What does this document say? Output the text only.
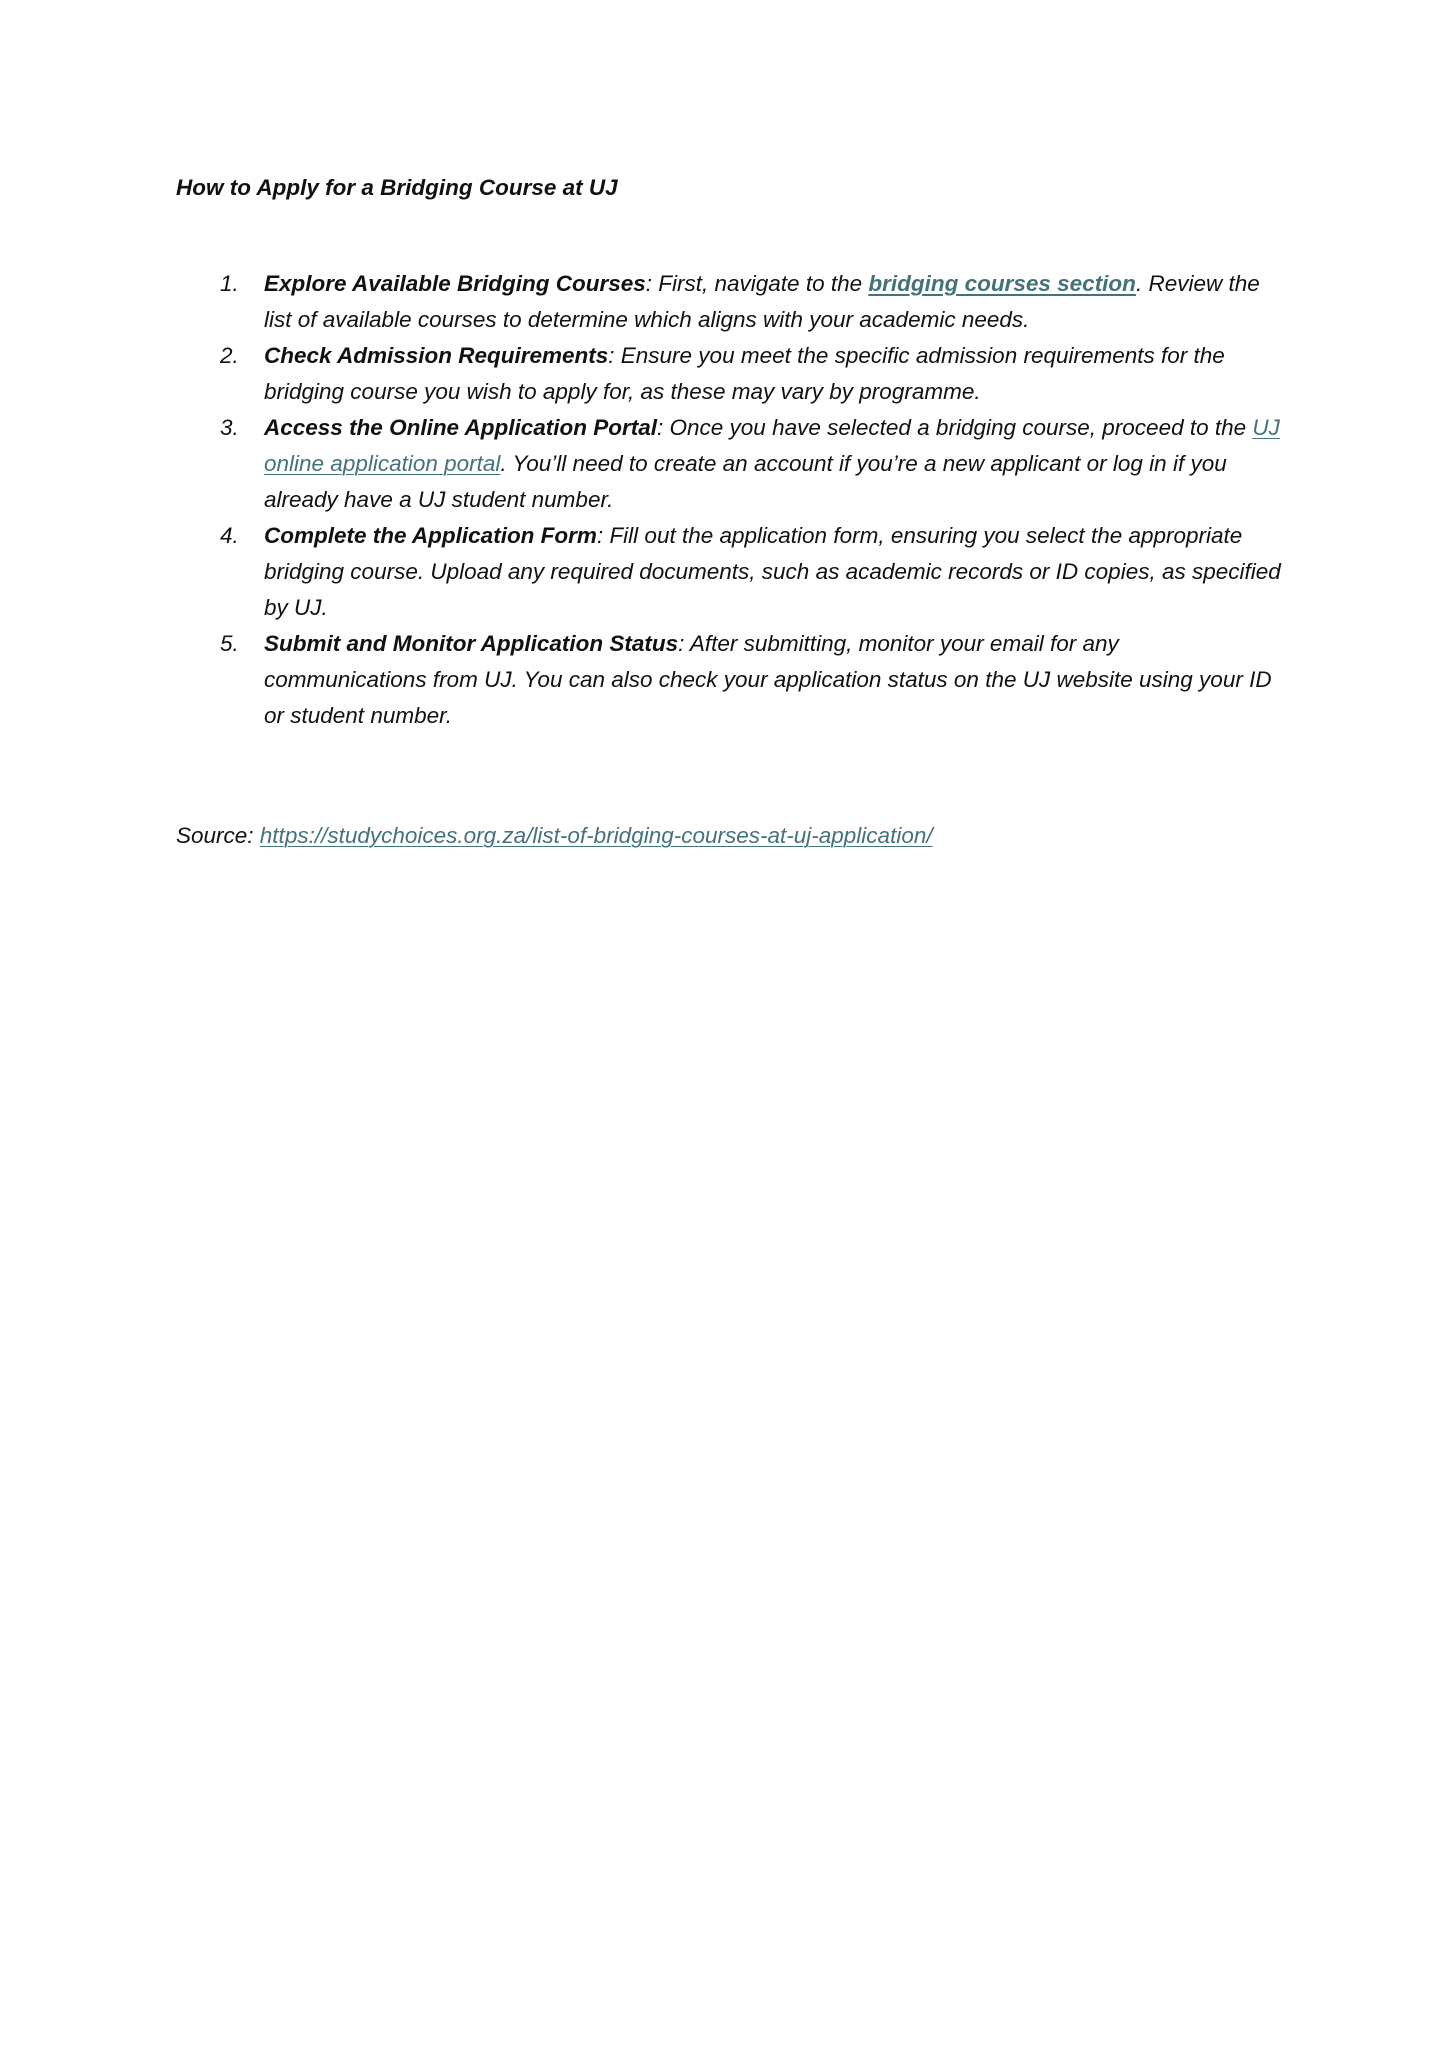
How to Apply for a Bridging Course at UJ

1. Explore Available Bridging Courses: First, navigate to the bridging courses section. Review the list of available courses to determine which aligns with your academic needs.
2. Check Admission Requirements: Ensure you meet the specific admission requirements for the bridging course you wish to apply for, as these may vary by programme.
3. Access the Online Application Portal: Once you have selected a bridging course, proceed to the UJ online application portal. You’ll need to create an account if you’re a new applicant or log in if you already have a UJ student number.
4. Complete the Application Form: Fill out the application form, ensuring you select the appropriate bridging course. Upload any required documents, such as academic records or ID copies, as specified by UJ.
5. Submit and Monitor Application Status: After submitting, monitor your email for any communications from UJ. You can also check your application status on the UJ website using your ID or student number.

Source: https://studychoices.org.za/list-of-bridging-courses-at-uj-application/
